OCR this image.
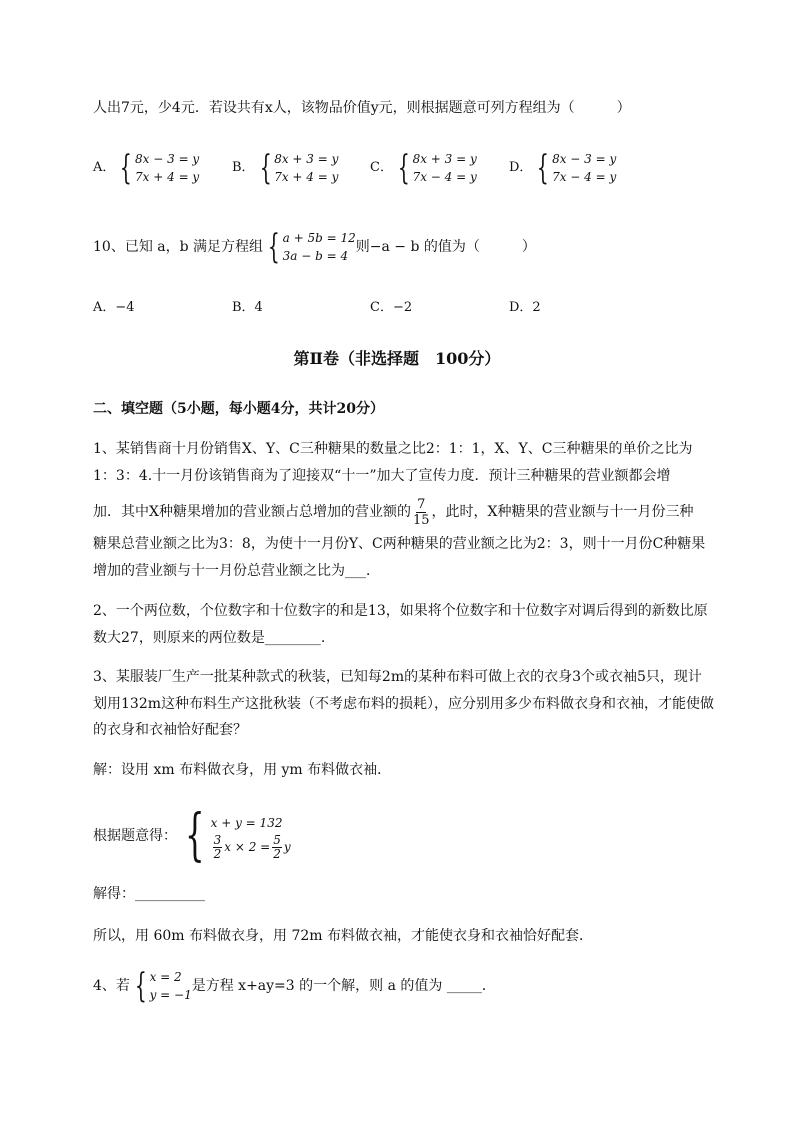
人出7元，少4元．若设共有x人，该物品价值y元，则根据题意可列方程组为（　　　）
A． { 8x − 3 = y
7x + 4 = y
B． { 8x + 3 = y
7x + 4 = y
C． { 8x + 3 = y
7x − 4 = y
D． { 8x − 3 = y
7x − 4 = y
10、已知 a，b 满足方程组 { a + 5b = 12
3a − b = 4
则−a − b 的值为（　　　）
A．−4	B．4	C．−2	D．2
第Ⅱ卷（非选择题　100分）
二、填空题（5小题，每小题4分，共计20分）
1、某销售商十月份销售X、Y、C三种糖果的数量之比2：1：1，X、Y、C三种糖果的单价之比为
1：3：4.十一月份该销售商为了迎接双“十一”加大了宣传力度．预计三种糖果的营业额都会增
加．其中X种糖果增加的营业额占总增加的营业额的 $\frac{7}{15}$ ，此时，X种糖果的营业额与十一月份三种
糖果总营业额之比为3：8，为使十一月份Y、C两种糖果的营业额之比为2：3，则十一月份C种糖果
增加的营业额与十一月份总营业额之比为___．
2、一个两位数，个位数字和十位数字的和是13，如果将个位数字和十位数字对调后得到的新数比原
数大27，则原来的两位数是________.
3、某服装厂生产一批某种款式的秋装，已知每2m的某种布料可做上衣的衣身3个或衣袖5只，现计
划用132m这种布料生产这批秋装（不考虑布料的损耗），应分别用多少布料做衣身和衣袖，才能使做
的衣身和衣袖恰好配套？
解：设用 xm 布料做衣身，用 ym 布料做衣袖．
根据题意得： { x + y = 132
$\frac{3}{2}$ $x \times 2 = \frac{5}{2}$ y
解得：__________
所以，用 60m 布料做衣身，用 72m 布料做衣袖，才能使衣身和衣袖恰好配套．
4、若 { x = 2
y = −1
是方程 x+ay=3 的一个解，则 a 的值为 _____．
